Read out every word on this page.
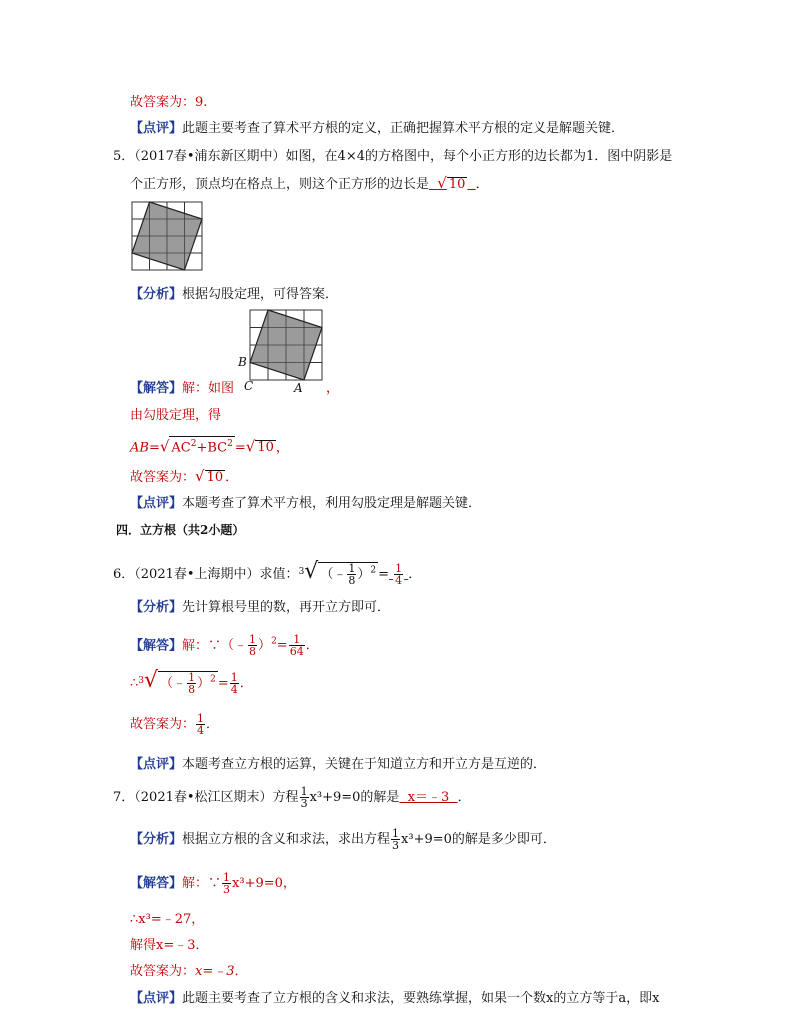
故答案为：9.
【点评】此题主要考查了算术平方根的定义，正确把握算术平方根的定义是解题关键．
5．（2017春•浦东新区期中）如图，在4×4的方格图中，每个小正方形的边长都为1．图中阴影是
个正方形，顶点均在格点上，则这个正方形的边长是 √ 10 ．
【分析】根据勾股定理，可得答案．
B
C	A
【解答】解：如图	，
由勾股定理，得
AB=√ $AC^2+BC^2$ =√ 10 ，
故答案为：√ 10 ．
【点评】本题考查了算术平方根，利用勾股定理是解题关键．
四．立方根（共2小题）
6．（2021春•上海期中）求值：$^3$√ （﹣ $\frac{1}{8} )^2 = \frac{1}{4}$ ．
【分析】先计算根号里的数，再开立方即可．
【解答】解：∵（﹣ $\frac{1}{8} )^2= \frac{1}{64}$ ．
∴$^3$√ （﹣ $\frac{1}{8} )^2 = \frac{1}{4}$ ．
故答案为： $\frac{1}{4}$ ．
【点评】本题考查立方根的运算，关键在于知道立方和开立方是互逆的．
7．（2021春•松江区期末）方程 $\frac{1}{3} x^3+9=0$的解是 x＝﹣3 ．
【分析】根据立方根的含义和求法，求出方程 $\frac{1}{3} x^3+9=0$的解是多少即可．
【解答】解：∵ $\frac{1}{3} x^3+9=0$，
∴x³=﹣27，
解得x=﹣3．
故答案为：x=﹣3．
【点评】此题主要考查了立方根的含义和求法，要熟练掌握，如果一个数x的立方等于a，即x
